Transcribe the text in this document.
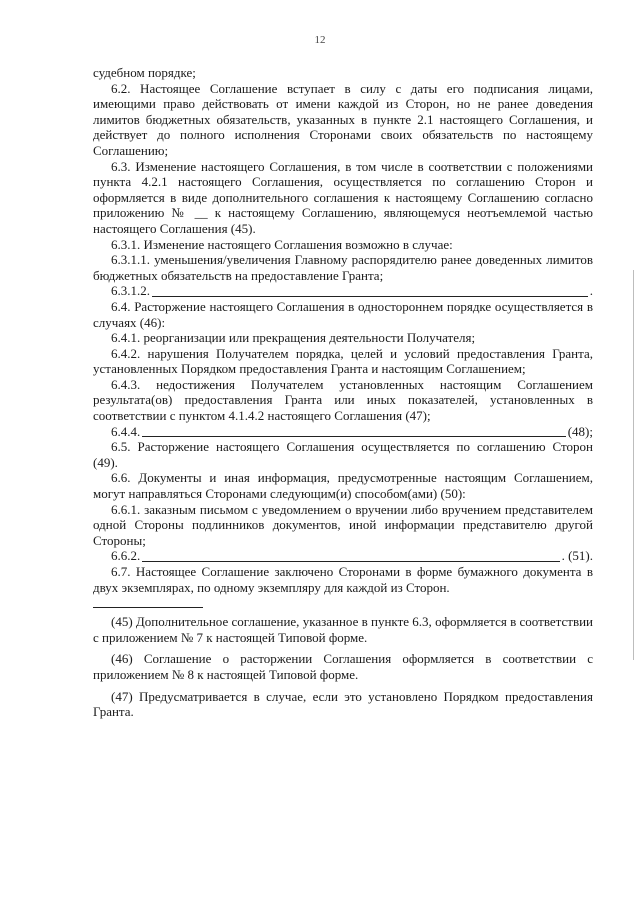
12

судебном порядке;

6.2. Настоящее Соглашение вступает в силу с даты его подписания лицами, имеющими право действовать от имени каждой из Сторон, но не ранее доведения лимитов бюджетных обязательств, указанных в пункте 2.1 настоящего Соглашения, и действует до полного исполнения Сторонами своих обязательств по настоящему Соглашению;

6.3. Изменение настоящего Соглашения, в том числе в соответствии с положениями пункта 4.2.1 настоящего Соглашения, осуществляется по соглашению Сторон и оформляется в виде дополнительного соглашения к настоящему Соглашению согласно приложению № __ к настоящему Соглашению, являющемуся неотъемлемой частью настоящего Соглашения (45).

6.3.1. Изменение настоящего Соглашения возможно в случае:

6.3.1.1. уменьшения/увеличения Главному распорядителю ранее доведенных лимитов бюджетных обязательств на предоставление Гранта;

6.3.1.2.	.

6.4. Расторжение настоящего Соглашения в одностороннем порядке осуществляется в случаях (46):

6.4.1. реорганизации или прекращения деятельности Получателя;

6.4.2. нарушения Получателем порядка, целей и условий предоставления Гранта, установленных Порядком предоставления Гранта и настоящим Соглашением;

6.4.3. недостижения Получателем установленных настоящим Соглашением результата(ов) предоставления Гранта или иных показателей, установленных в соответствии с пунктом 4.1.4.2 настоящего Соглашения (47);

6.4.4.	(48);

6.5. Расторжение настоящего Соглашения осуществляется по соглашению Сторон (49).

6.6. Документы и иная информация, предусмотренные настоящим Соглашением, могут направляться Сторонами следующим(и) способом(ами) (50):

6.6.1. заказным письмом с уведомлением о вручении либо вручением представителем одной Стороны подлинников документов, иной информации представителю другой Стороны;

6.6.2.	. (51).

6.7. Настоящее Соглашение заключено Сторонами в форме бумажного документа в двух экземплярах, по одному экземпляру для каждой из Сторон.

(45) Дополнительное соглашение, указанное в пункте 6.3, оформляется в соответствии с приложением № 7 к настоящей Типовой форме.

(46) Соглашение о расторжении Соглашения оформляется в соответствии с приложением № 8 к настоящей Типовой форме.

(47) Предусматривается в случае, если это установлено Порядком предоставления Гранта.
